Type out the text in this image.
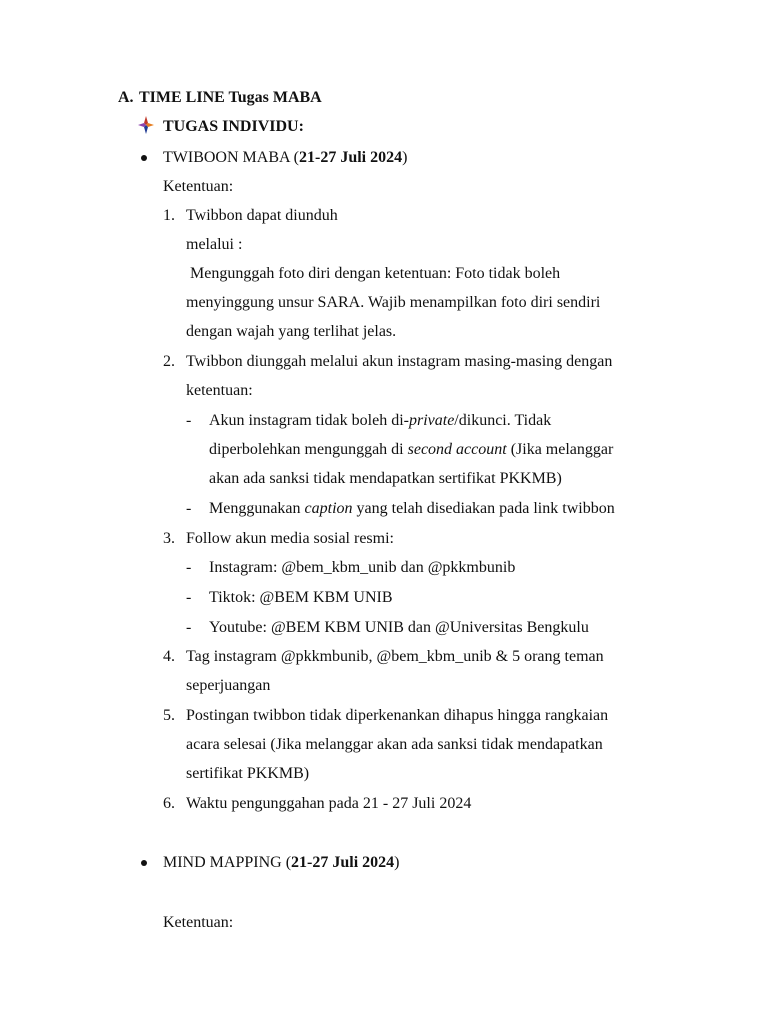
A. TIME LINE Tugas MABA
TUGAS INDIVIDU:
TWIBOON MABA (21-27 Juli 2024)
Ketentuan:
1. Twibbon dapat diunduh
melalui :
Mengunggah foto diri dengan ketentuan: Foto tidak boleh
menyinggung unsur SARA. Wajib menampilkan foto diri sendiri
dengan wajah yang terlihat jelas.
2. Twibbon diunggah melalui akun instagram masing-masing dengan
ketentuan:
- Akun instagram tidak boleh di-private/dikunci. Tidak
diperbolehkan mengunggah di second account (Jika melanggar
akan ada sanksi tidak mendapatkan sertifikat PKKMB)
- Menggunakan caption yang telah disediakan pada link twibbon
3. Follow akun media sosial resmi:
- Instagram: @bem_kbm_unib dan @pkkmbunib
- Tiktok: @BEM KBM UNIB
- Youtube: @BEM KBM UNIB dan @Universitas Bengkulu
4. Tag instagram @pkkmbunib, @bem_kbm_unib & 5 orang teman
seperjuangan
5. Postingan twibbon tidak diperkenankan dihapus hingga rangkaian
acara selesai (Jika melanggar akan ada sanksi tidak mendapatkan
sertifikat PKKMB)
6. Waktu pengunggahan pada 21 - 27 Juli 2024
MIND MAPPING (21-27 Juli 2024)
Ketentuan:
